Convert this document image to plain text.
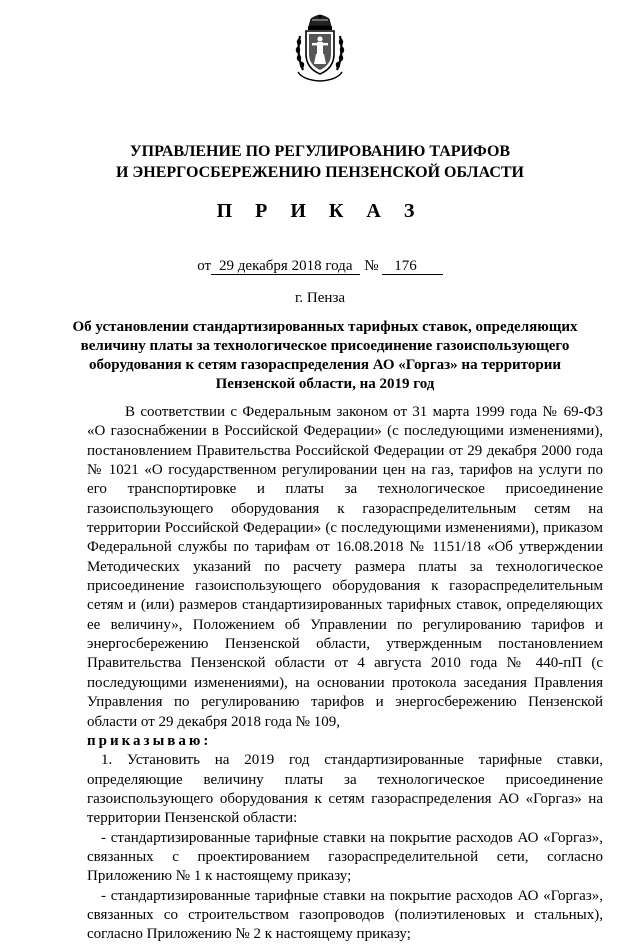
УПРАВЛЕНИЕ ПО РЕГУЛИРОВАНИЮ ТАРИФОВ
И ЭНЕРГОСБЕРЕЖЕНИЮ ПЕНЗЕНСКОЙ ОБЛАСТИ
П Р И К А З
от 29 декабря 2018 года № 176
г. Пенза
Об установлении стандартизированных тарифных ставок, определяющих величину платы за технологическое присоединение газоиспользующего оборудования к сетям газораспределения АО «Горгаз» на территории Пензенской области, на 2019 год

В соответствии с Федеральным законом от 31 марта 1999 года № 69-ФЗ «О газоснабжении в Российской Федерации» (с последующими изменениями), постановлением Правительства Российской Федерации от 29 декабря 2000 года № 1021 «О государственном регулировании цен на газ, тарифов на услуги по его транспортировке и платы за технологическое присоединение газоиспользующего оборудования к газораспределительным сетям на территории Российской Федерации» (с последующими изменениями), приказом Федеральной службы по тарифам от 16.08.2018 № 1151/18 «Об утверждении Методических указаний по расчету размера платы за технологическое присоединение газоиспользующего оборудования к газораспределительным сетям и (или) размеров стандартизированных тарифных ставок, определяющих ее величину», Положением об Управлении по регулированию тарифов и энергосбережению Пензенской области, утвержденным постановлением Правительства Пензенской области от 4 августа 2010 года № 440-пП (с последующими изменениями), на основании протокола заседания Правления Управления по регулированию тарифов и энергосбережению Пензенской области от 29 декабря 2018 года № 109,
приказываю:

1. Установить на 2019 год стандартизированные тарифные ставки, определяющие величину платы за технологическое присоединение газоиспользующего оборудования к сетям газораспределения АО «Горгаз» на территории Пензенской области:

- стандартизированные тарифные ставки на покрытие расходов АО «Горгаз», связанных с проектированием газораспределительной сети, согласно Приложению № 1 к настоящему приказу;

- стандартизированные тарифные ставки на покрытие расходов АО «Горгаз», связанных со строительством газопроводов (полиэтиленовых и стальных), согласно Приложению № 2 к настоящему приказу;
